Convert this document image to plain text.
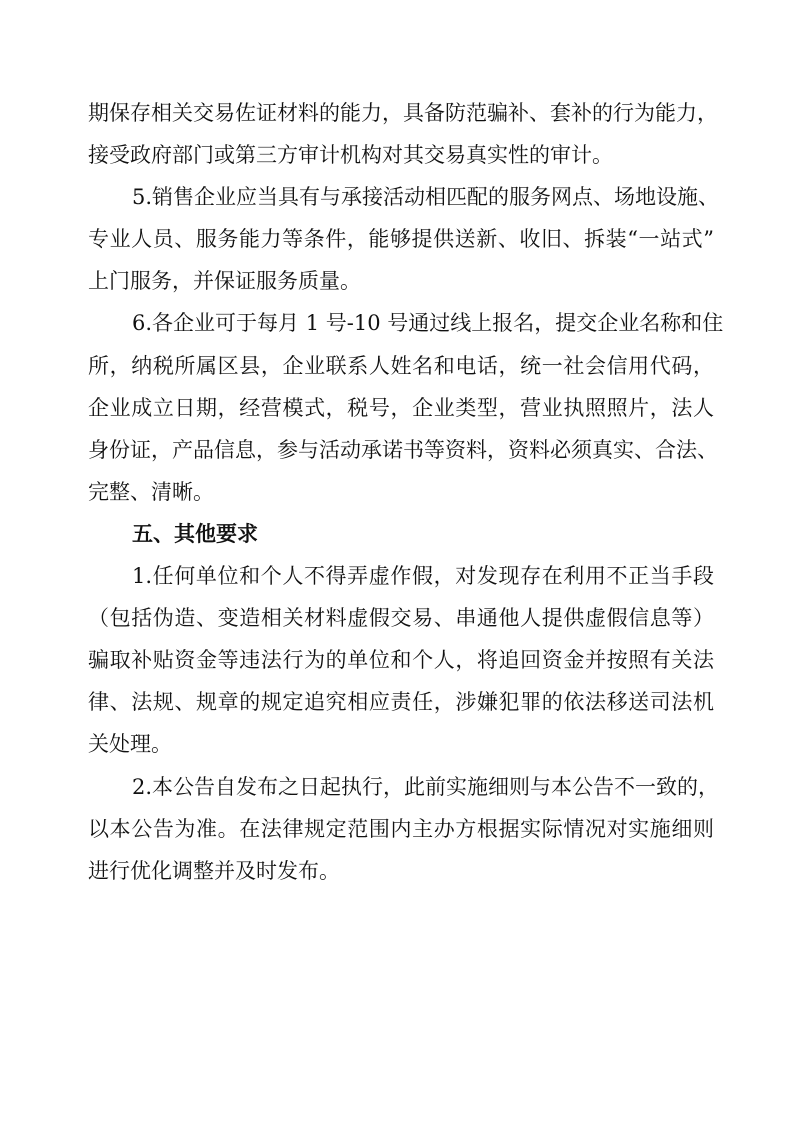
期保存相关交易佐证材料的能力，具备防范骗补、套补的行为能力，
接受政府部门或第三方审计机构对其交易真实性的审计。
5.销售企业应当具有与承接活动相匹配的服务网点、场地设施、
专业人员、服务能力等条件，能够提供送新、收旧、拆装“一站式”
上门服务，并保证服务质量。
6.各企业可于每月 1 号-10 号通过线上报名，提交企业名称和住
所，纳税所属区县，企业联系人姓名和电话，统一社会信用代码，
企业成立日期，经营模式，税号，企业类型，营业执照照片，法人
身份证，产品信息，参与活动承诺书等资料，资料必须真实、合法、
完整、清晰。
五、其他要求
1.任何单位和个人不得弄虚作假，对发现存在利用不正当手段
（包括伪造、变造相关材料虚假交易、串通他人提供虚假信息等）
骗取补贴资金等违法行为的单位和个人，将追回资金并按照有关法
律、法规、规章的规定追究相应责任，涉嫌犯罪的依法移送司法机
关处理。
2.本公告自发布之日起执行，此前实施细则与本公告不一致的，
以本公告为准。在法律规定范围内主办方根据实际情况对实施细则
进行优化调整并及时发布。
